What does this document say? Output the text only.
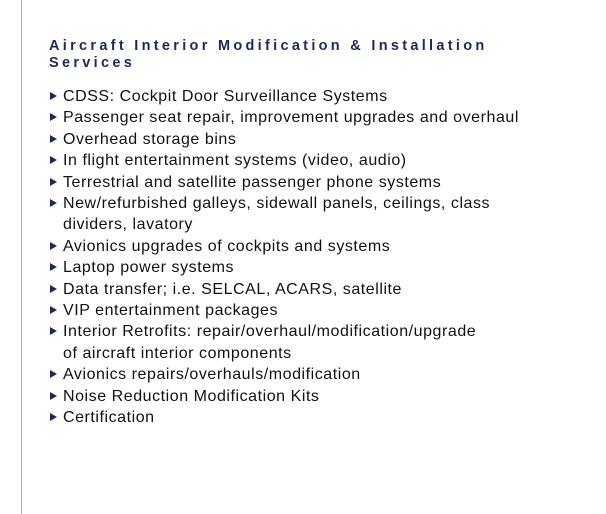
Aircraft Interior Modification & Installation
Services
CDSS: Cockpit Door Surveillance Systems
Passenger seat repair, improvement upgrades and overhaul
Overhead storage bins
In flight entertainment systems (video, audio)
Terrestrial and satellite passenger phone systems
New/refurbished galleys, sidewall panels, ceilings, class
dividers, lavatory
Avionics upgrades of cockpits and systems
Laptop power systems
Data transfer; i.e. SELCAL, ACARS, satellite
VIP entertainment packages
Interior Retrofits: repair/overhaul/modification/upgrade
of aircraft interior components
Avionics repairs/overhauls/modification
Noise Reduction Modification Kits
Certification
